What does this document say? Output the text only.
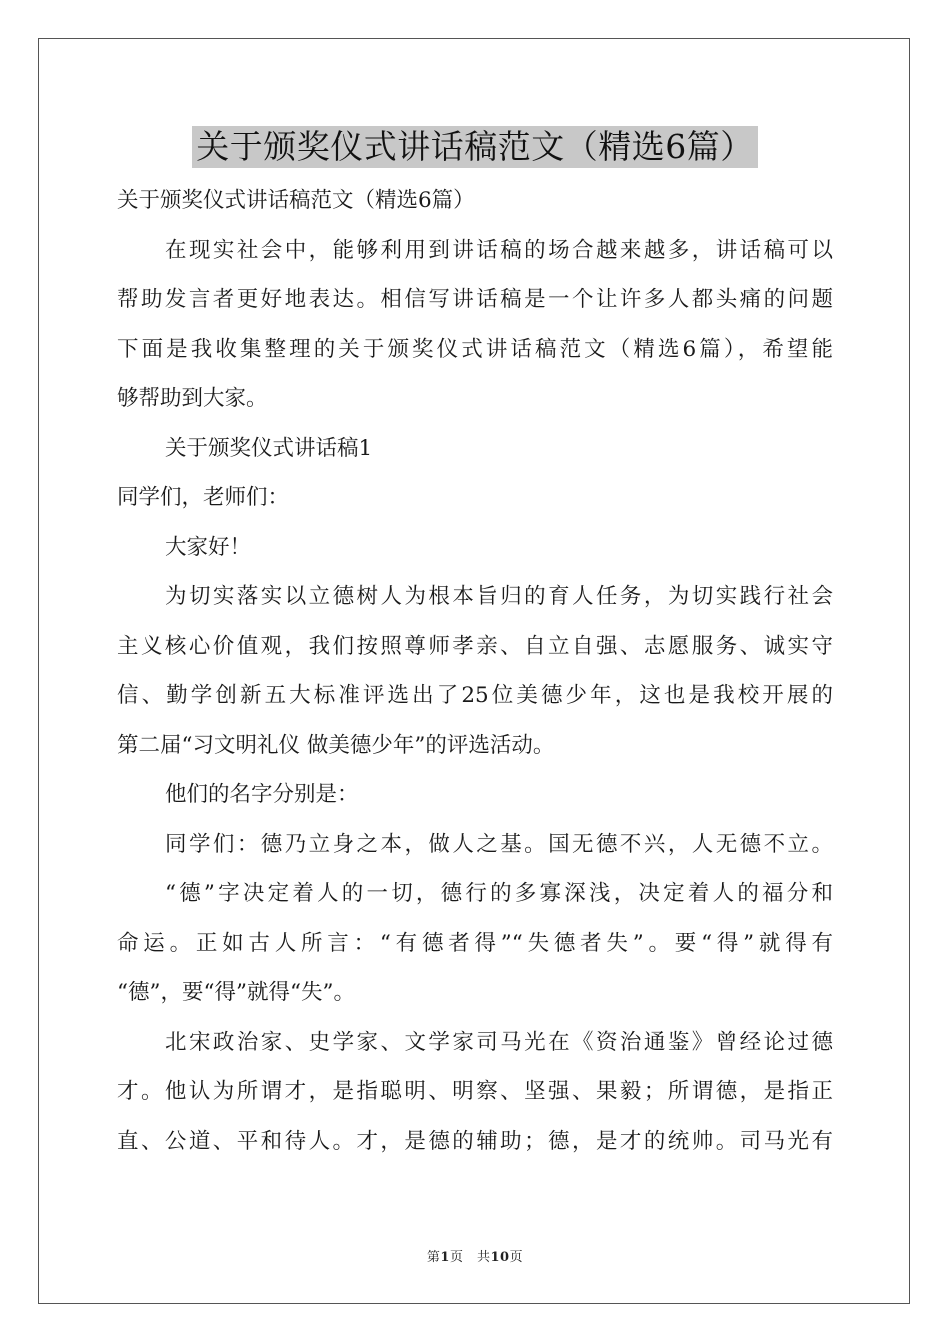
关于颁奖仪式讲话稿范文（精选6篇）
关于颁奖仪式讲话稿范文（精选6篇）
在现实社会中，能够利用到讲话稿的场合越来越多，讲话稿可以
帮助发言者更好地表达。相信写讲话稿是一个让许多人都头痛的问题
下面是我收集整理的关于颁奖仪式讲话稿范文（精选6篇），希望能
够帮助到大家。
关于颁奖仪式讲话稿1
同学们，老师们：
大家好！
为切实落实以立德树人为根本旨归的育人任务，为切实践行社会
主义核心价值观，我们按照尊师孝亲、自立自强、志愿服务、诚实守
信、勤学创新五大标准评选出了25位美德少年，这也是我校开展的
第二届“习文明礼仪 做美德少年”的评选活动。
他们的名字分别是：
同学们：德乃立身之本，做人之基。国无德不兴，人无德不立。
“德”字决定着人的一切，德行的多寡深浅，决定着人的福分和
命运。正如古人所言：“有德者得”“失德者失”。要“得”就得有
“德”，要“得”就得“失”。
北宋政治家、史学家、文学家司马光在《资治通鉴》曾经论过德
才。他认为所谓才，是指聪明、明察、坚强、果毅；所谓德，是指正
直、公道、平和待人。才，是德的辅助；德，是才的统帅。司马光有
第1页　共10页
